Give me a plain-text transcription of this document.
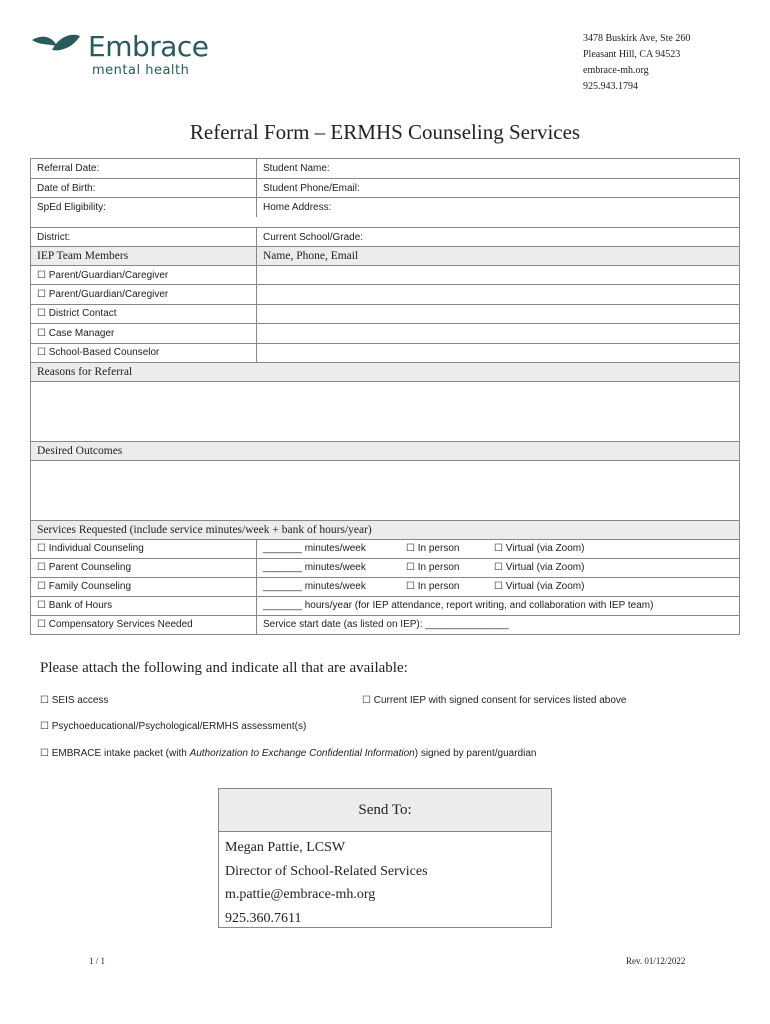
Embrace
mental health
3478 Buskirk Ave, Ste 260
Pleasant Hill, CA 94523
embrace-mh.org
925.943.1794
Referral Form – ERMHS Counseling Services
Referral Date:	Student Name:
Date of Birth:	Student Phone/Email:
SpEd Eligibility:	Home Address:
District:	Current School/Grade:
IEP Team Members	Name, Phone, Email
☐ Parent/Guardian/Caregiver
☐ Parent/Guardian/Caregiver
☐ District Contact
☐ Case Manager
☐ School-Based Counselor
Reasons for Referral
Desired Outcomes
Services Requested (include service minutes/week + bank of hours/year)
☐ Individual Counseling	_______ minutes/week	☐ In person	☐ Virtual (via Zoom)
☐ Parent Counseling	_______ minutes/week	☐ In person	☐ Virtual (via Zoom)
☐ Family Counseling	_______ minutes/week	☐ In person	☐ Virtual (via Zoom)
☐ Bank of Hours	_______ hours/year (for IEP attendance, report writing, and collaboration with IEP team)
☐ Compensatory Services Needed	Service start date (as listed on IEP): _______________
Please attach the following and indicate all that are available:
☐ SEIS access	☐ Current IEP with signed consent for services listed above
☐ Psychoeducational/Psychological/ERMHS assessment(s)
☐ EMBRACE intake packet (with Authorization to Exchange Confidential Information) signed by parent/guardian
Send To:
Megan Pattie, LCSW
Director of School-Related Services
m.pattie@embrace-mh.org
925.360.7611
1 / 1	Rev. 01/12/2022
